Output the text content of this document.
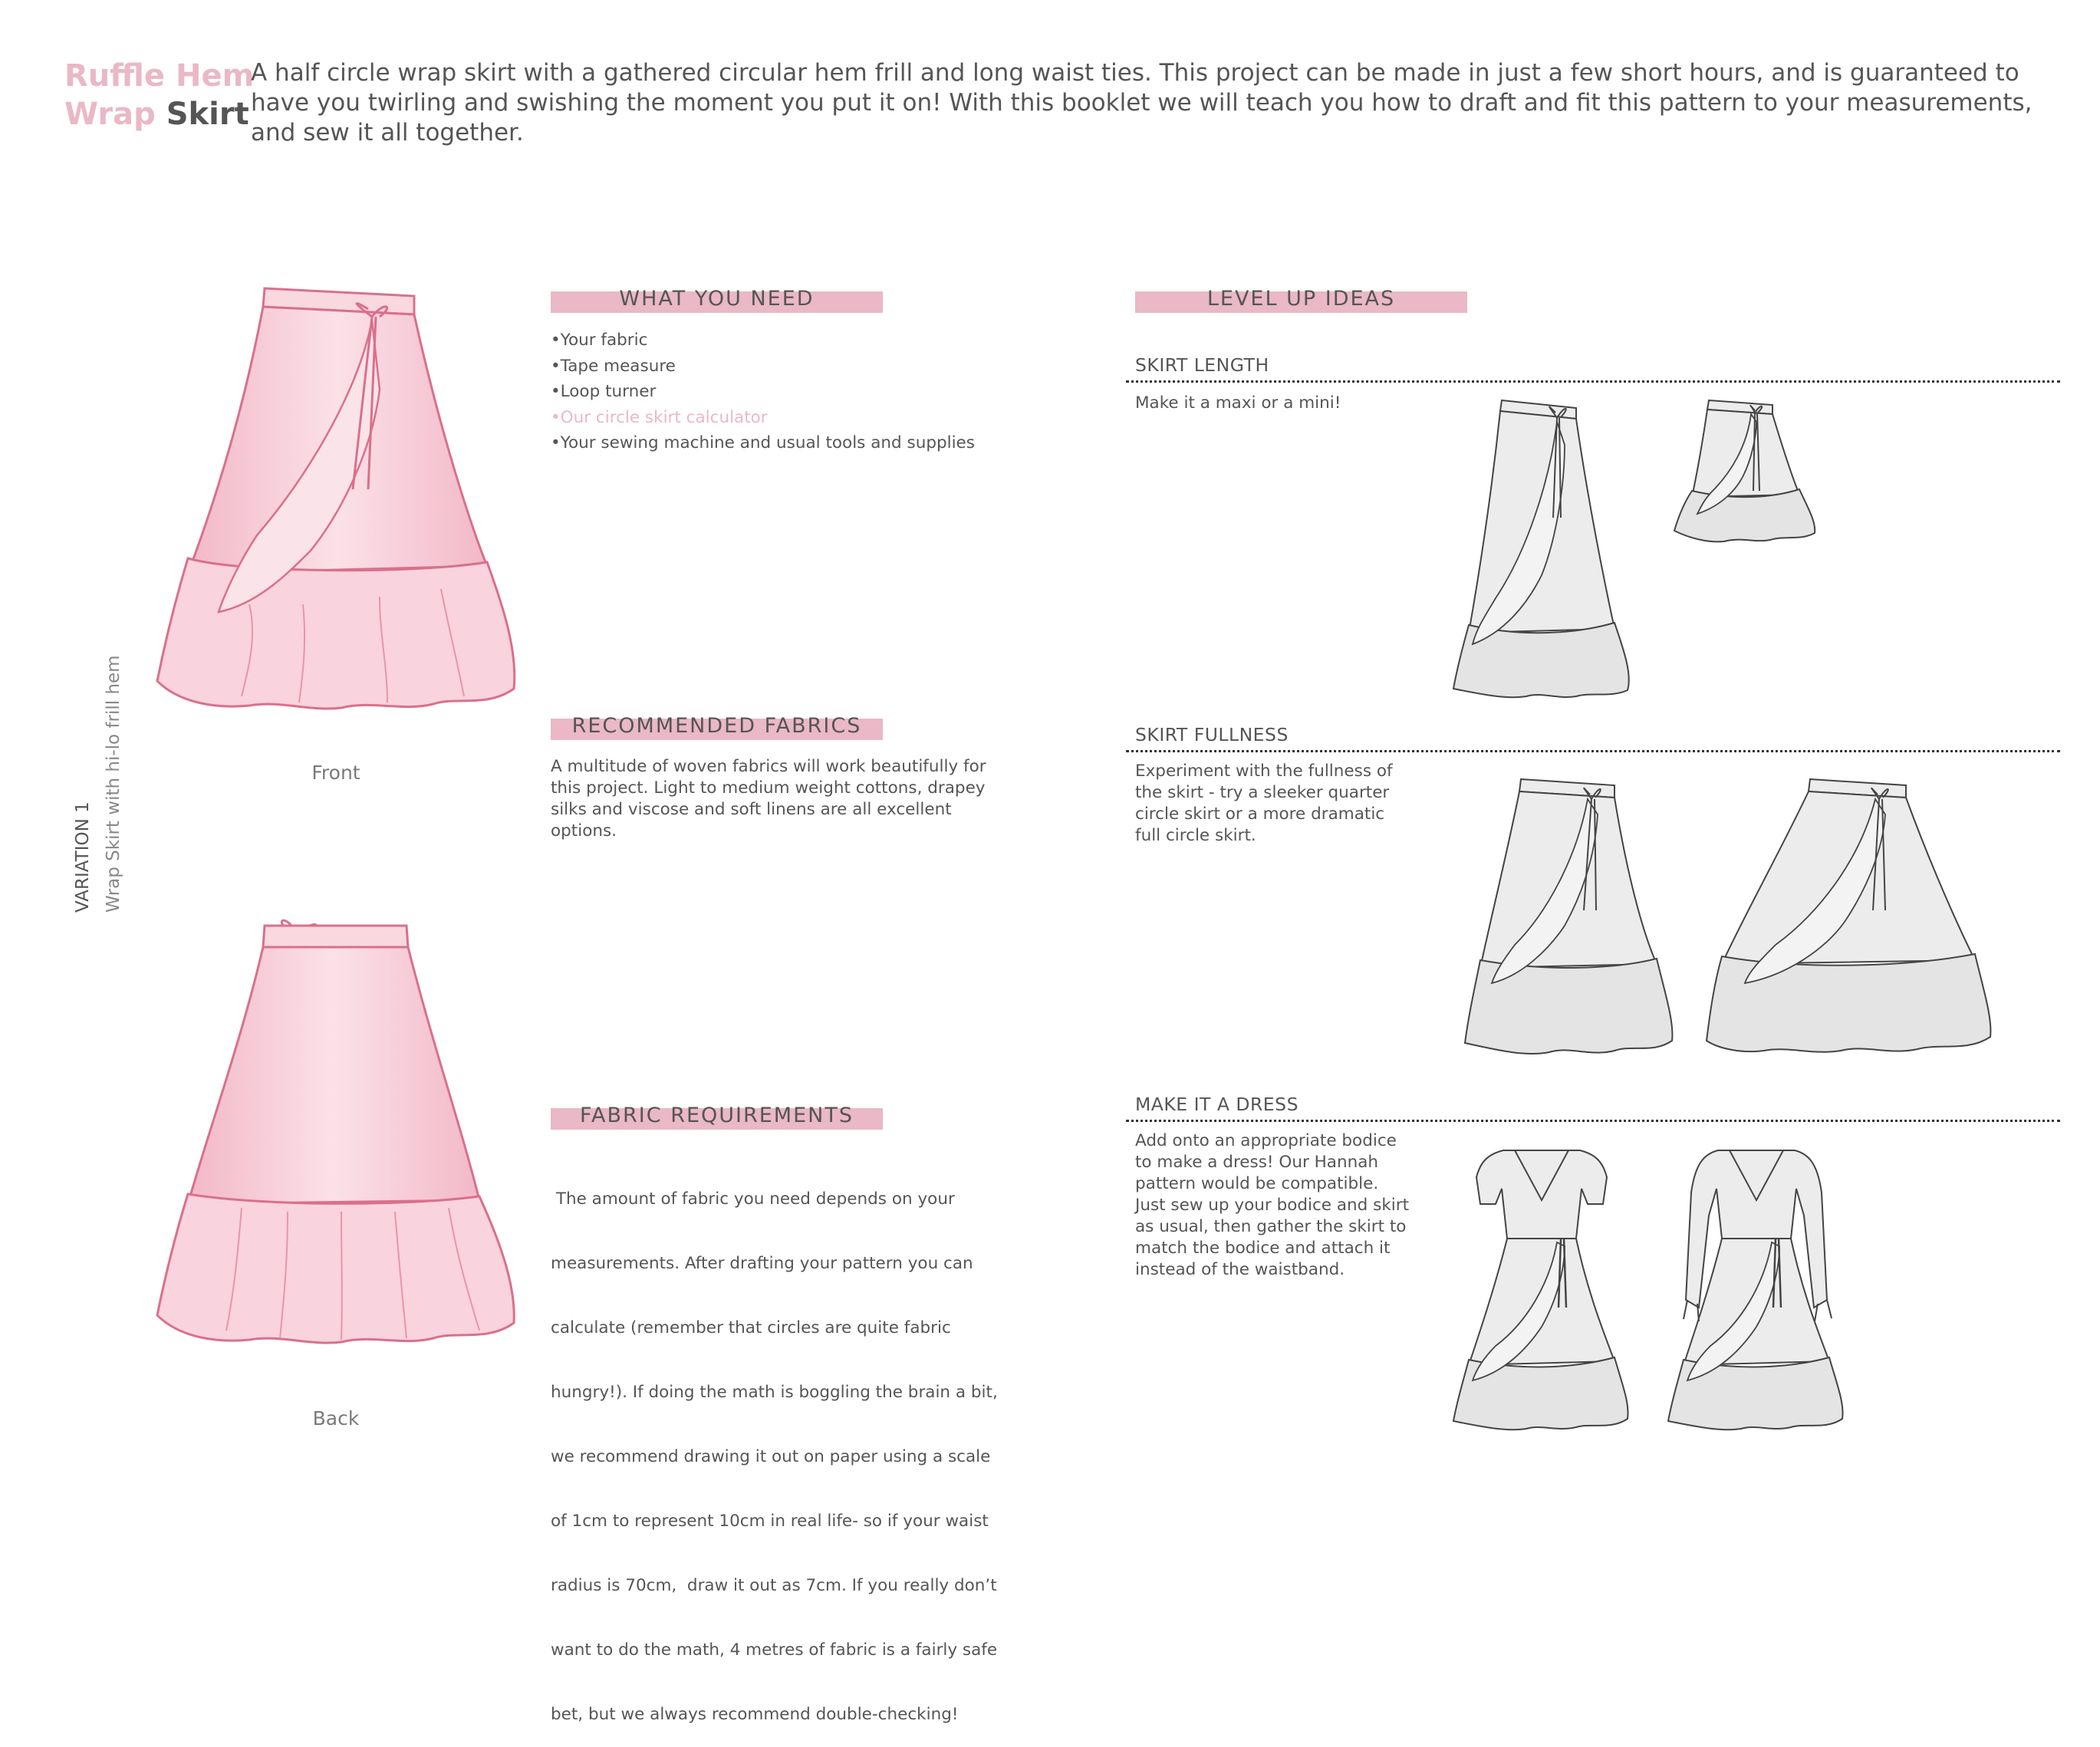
Ruffle Hem
Wrap Skirt
A half circle wrap skirt with a gathered circular hem frill and long waist ties. This project can be made in just a few short hours, and is guaranteed to have you twirling and swishing the moment you put it on! With this booklet we will teach you how to draft and fit this pattern to your measurements, and sew it all together.
VARIATION 1 Wrap Skirt with hi-lo frill hem	Front
Back
WHAT YOU NEED
•Your fabric
•Tape measure
•Loop turner
•Our circle skirt calculator
•Your sewing machine and usual tools and supplies
RECOMMENDED FABRICS
A multitude of woven fabrics will work beautifully for
this project. Light to medium weight cottons, drapey
silks and viscose and soft linens are all excellent
options.
FABRIC REQUIREMENTS

The amount of fabric you need depends on your

measurements. After drafting your pattern you can

calculate (remember that circles are quite fabric

hungry!). If doing the math is boggling the brain a bit,

we recommend drawing it out on paper using a scale

of 1cm to represent 10cm in real life- so if your waist

radius is 70cm,  draw it out as 7cm. If you really don’t

want to do the math, 4 metres of fabric is a fairly safe

bet, but we always recommend double-checking!

LEVEL UP IDEAS
SKIRT LENGTH
Make it a maxi or a mini!
SKIRT FULLNESS
Experiment with the fullness of
the skirt - try a sleeker quarter
circle skirt or a more dramatic
full circle skirt.
MAKE IT A DRESS
Add onto an appropriate bodice
to make a dress! Our Hannah
pattern would be compatible.
Just sew up your bodice and skirt
as usual, then gather the skirt to
match the bodice and attach it
instead of the waistband.
